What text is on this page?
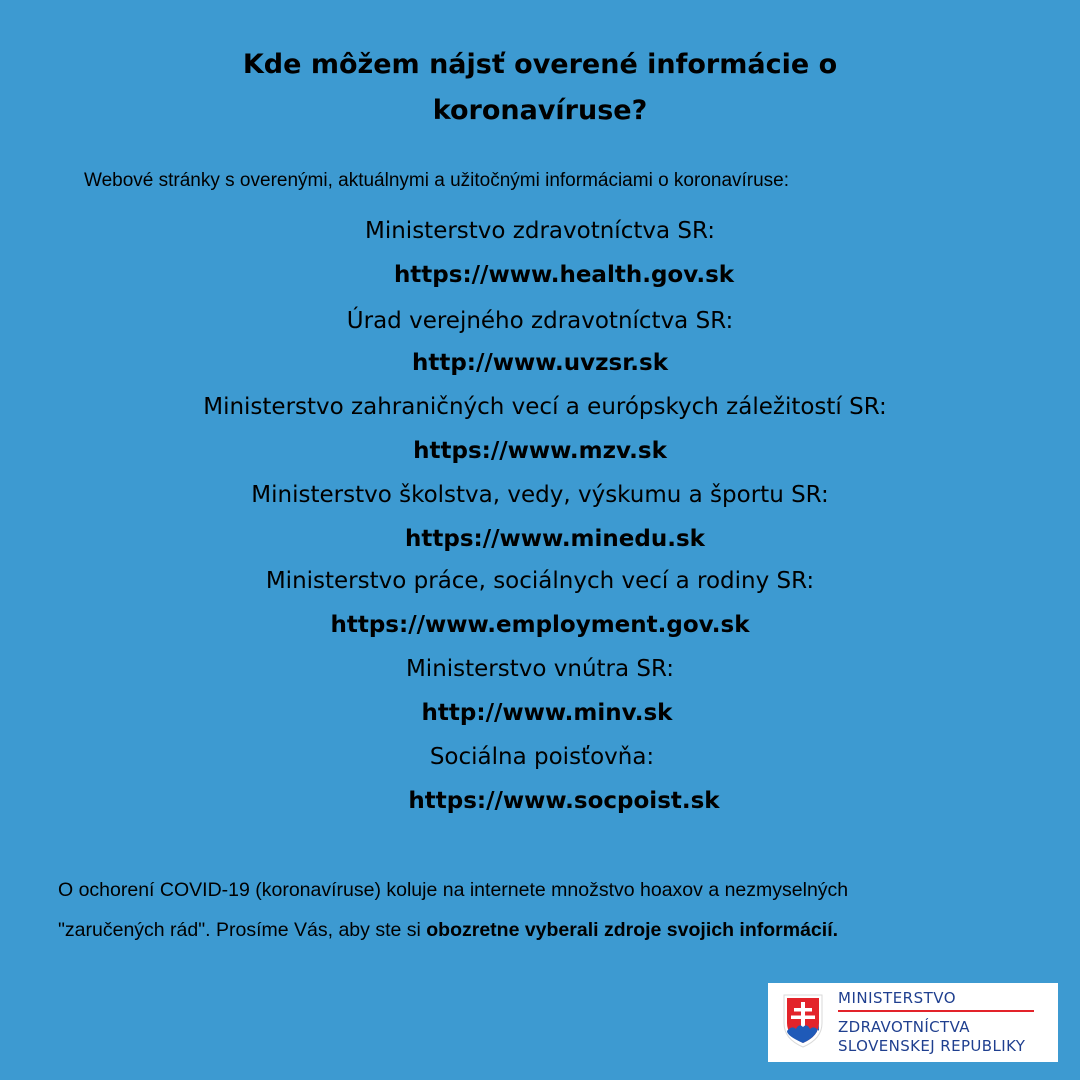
Kde môžem nájsť overené informácie o
koronavíruse?
Webové stránky s overenými, aktuálnymi a užitočnými informáciami o koronavíruse:
Ministerstvo zdravotníctva SR:
https://www.health.gov.sk
Úrad verejného zdravotníctva SR:
http://www.uvzsr.sk
Ministerstvo zahraničných vecí a európskych záležitostí SR:
https://www.mzv.sk
Ministerstvo školstva, vedy, výskumu a športu SR:
https://www.minedu.sk
Ministerstvo práce, sociálnych vecí a rodiny SR:
https://www.employment.gov.sk
Ministerstvo vnútra SR:
http://www.minv.sk
Sociálna poisťovňa:
https://www.socpoist.sk
O ochorení COVID-19 (koronavíruse) koluje na internete množstvo hoaxov a nezmyselných
"zaručených rád". Prosíme Vás, aby ste si obozretne vyberali zdroje svojich informácií.
MINISTERSTVO
ZDRAVOTNÍCTVA
SLOVENSKEJ REPUBLIKY
